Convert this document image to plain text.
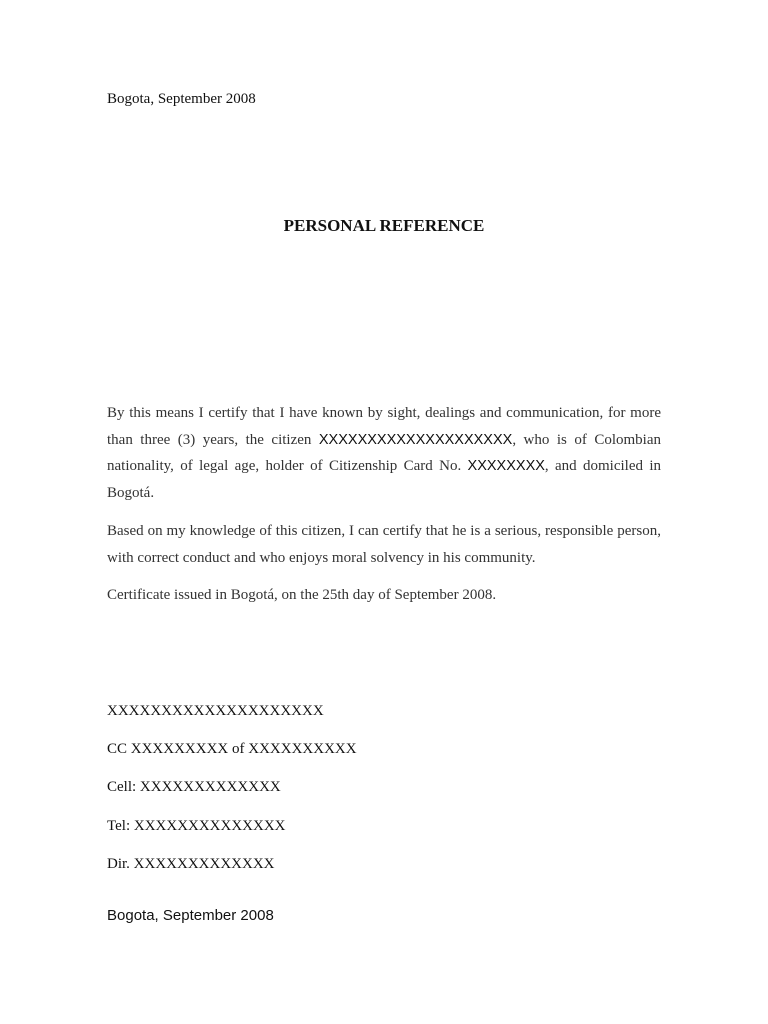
Bogota, September 2008
PERSONAL REFERENCE

By this means I certify that I have known by sight, dealings and communication, for more than three (3) years, the citizen XXXXXXXXXXXXXXXXXXXX, who is of Colombian nationality, of legal age, holder of Citizenship Card No. XXXXXXXX, and domiciled in Bogotá.

Based on my knowledge of this citizen, I can certify that he is a serious, responsible person, with correct conduct and who enjoys moral solvency in his community.

Certificate issued in Bogotá, on the 25th day of September 2008.

XXXXXXXXXXXXXXXXXXXX
CC XXXXXXXXX of XXXXXXXXXX
Cell: XXXXXXXXXXXXX
Tel: XXXXXXXXXXXXXX
Dir. XXXXXXXXXXXXX
Bogota, September 2008
